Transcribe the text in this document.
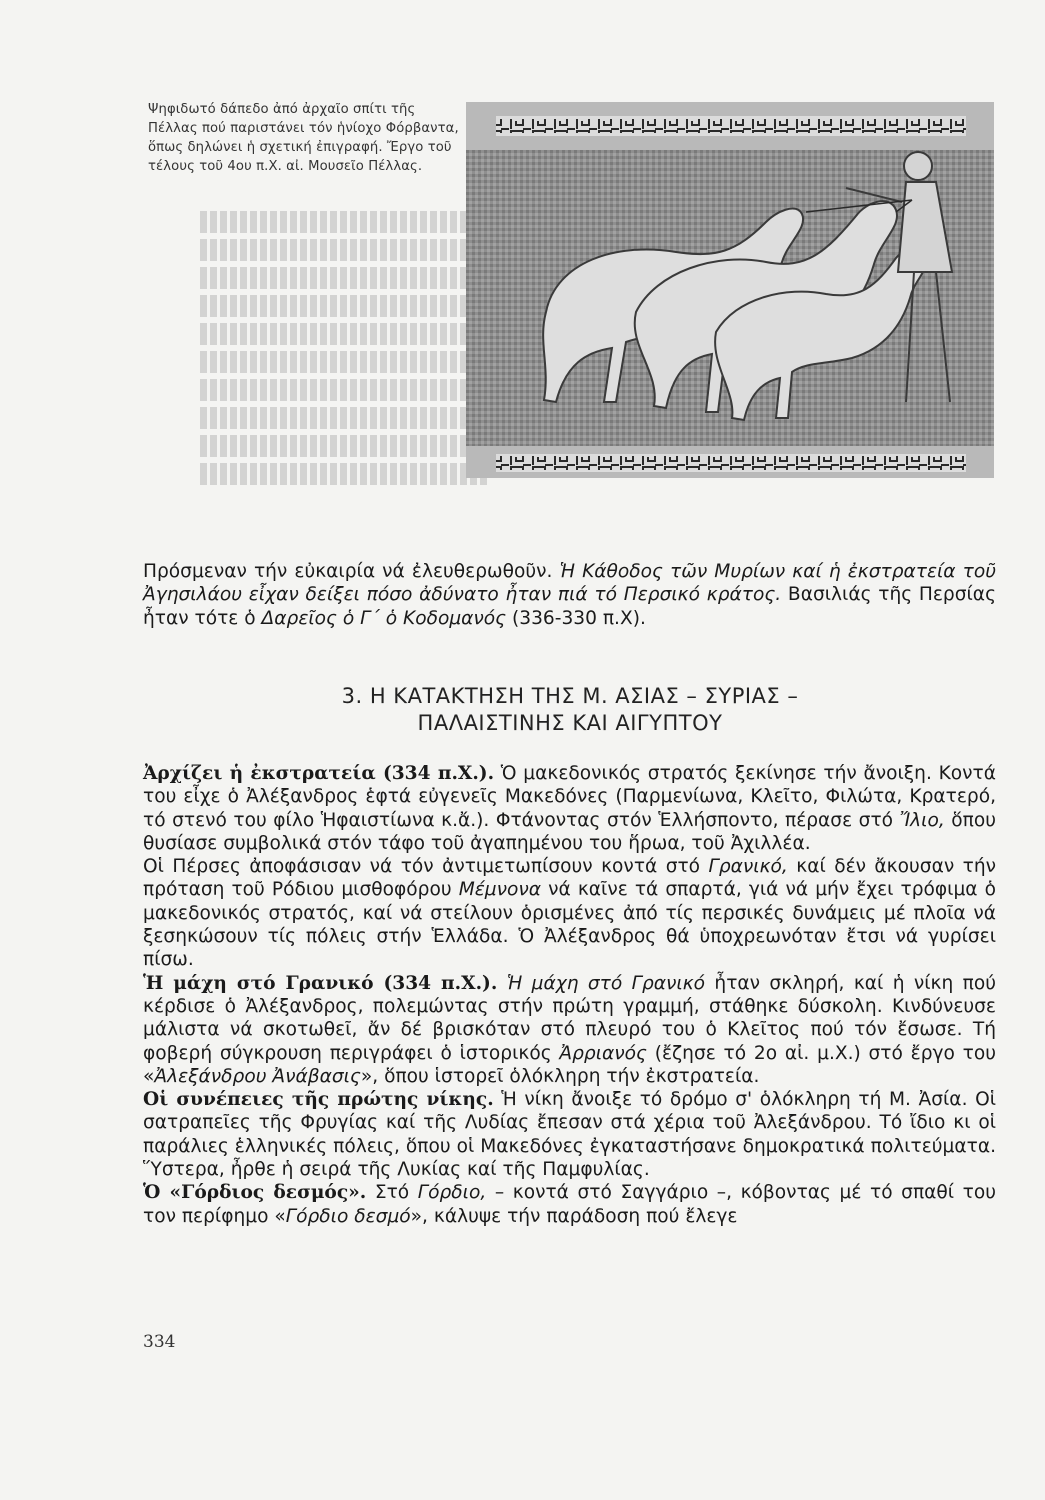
Ψηφιδωτό δάπεδο ἀπό ἀρχαῖο σπίτι τῆς Πέλλας πού παριστάνει τόν ἡνίοχο Φόρβαντα, ὅπως δηλώνει ἡ σχετική ἐπιγραφή. Ἔργο τοῦ τέλους τοῦ 4ου π.Χ. αἰ. Μουσεῖο Πέλλας.
Πρόσμεναν τήν εὐκαιρία νά ἐλευθερωθοῦν. Ἡ Κάθοδος τῶν Μυρίων καί ἡ ἐκστρατεία τοῦ Ἀγησιλάου εἶχαν δείξει πόσο ἀδύνατο ἦταν πιά τό Περσικό κράτος. Βασιλιάς τῆς Περσίας ἦταν τότε ὁ Δαρεῖος ὁ Γ΄ ὁ Κοδομανός (336-330 π.Χ).
3. Η ΚΑΤΑΚΤΗΣΗ ΤΗΣ Μ. ΑΣΙΑΣ – ΣΥΡΙΑΣ –
ΠΑΛΑΙΣΤΙΝΗΣ ΚΑΙ ΑΙΓΥΠΤΟΥ

Ἀρχίζει ἡ ἐκστρατεία (334 π.Χ.). Ὁ μακεδονικός στρατός ξεκίνησε τήν ἄνοιξη. Κοντά του εἶχε ὁ Ἀλέξανδρος ἑφτά εὐγενεῖς Μακεδόνες (Παρμενίωνα, Κλεῖτο, Φιλώτα, Κρατερό, τό στενό του φίλο Ἡφαιστίωνα κ.ἄ.). Φτάνοντας στόν Ἑλλήσποντο, πέρασε στό Ἴλιο, ὅπου θυσίασε συμβολικά στόν τάφο τοῦ ἀγαπημένου του ἥρωα, τοῦ Ἀχιλλέα.

Οἱ Πέρσες ἀποφάσισαν νά τόν ἀντιμετωπίσουν κοντά στό Γρανικό, καί δέν ἄκουσαν τήν πρόταση τοῦ Ρόδιου μισθοφόρου Μέμνονα νά καῖνε τά σπαρτά, γιά νά μήν ἔχει τρόφιμα ὁ μακεδονικός στρατός, καί νά στείλουν ὁρισμένες ἀπό τίς περσικές δυνάμεις μέ πλοῖα νά ξεσηκώσουν τίς πόλεις στήν Ἑλλάδα. Ὁ Ἀλέξανδρος θά ὑποχρεωνόταν ἔτσι νά γυρίσει πίσω.

Ἡ μάχη στό Γρανικό (334 π.Χ.). Ἡ μάχη στό Γρανικό ἦταν σκληρή, καί ἡ νίκη πού κέρδισε ὁ Ἀλέξανδρος, πολεμώντας στήν πρώτη γραμμή, στάθηκε δύσκολη. Κινδύνευσε μάλιστα νά σκοτωθεῖ, ἄν δέ βρισκόταν στό πλευρό του ὁ Κλεῖτος πού τόν ἔσωσε. Τή φοβερή σύγκρουση περιγράφει ὁ ἱστορικός Ἀρριανός (ἔζησε τό 2ο αἰ. μ.Χ.) στό ἔργο του «Ἀλεξάνδρου Ἀνάβασις», ὅπου ἱστορεῖ ὁλόκληρη τήν ἐκστρατεία.

Οἱ συνέπειες τῆς πρώτης νίκης. Ἡ νίκη ἄνοιξε τό δρόμο σ' ὁλόκληρη τή Μ. Ἀσία. Οἱ σατραπεῖες τῆς Φρυγίας καί τῆς Λυδίας ἔπεσαν στά χέρια τοῦ Ἀλεξάνδρου. Τό ἴδιο κι οἱ παράλιες ἑλληνικές πόλεις, ὅπου οἱ Μακεδόνες ἐγκαταστήσανε δημοκρατικά πολιτεύματα. Ὕστερα, ἦρθε ἡ σειρά τῆς Λυκίας καί τῆς Παμφυλίας.

Ὁ «Γόρδιος δεσμός». Στό Γόρδιο, – κοντά στό Σαγγάριο –, κόβοντας μέ τό σπαθί του τον περίφημο «Γόρδιο δεσμό», κάλυψε τήν παράδοση πού ἔλεγε

334
